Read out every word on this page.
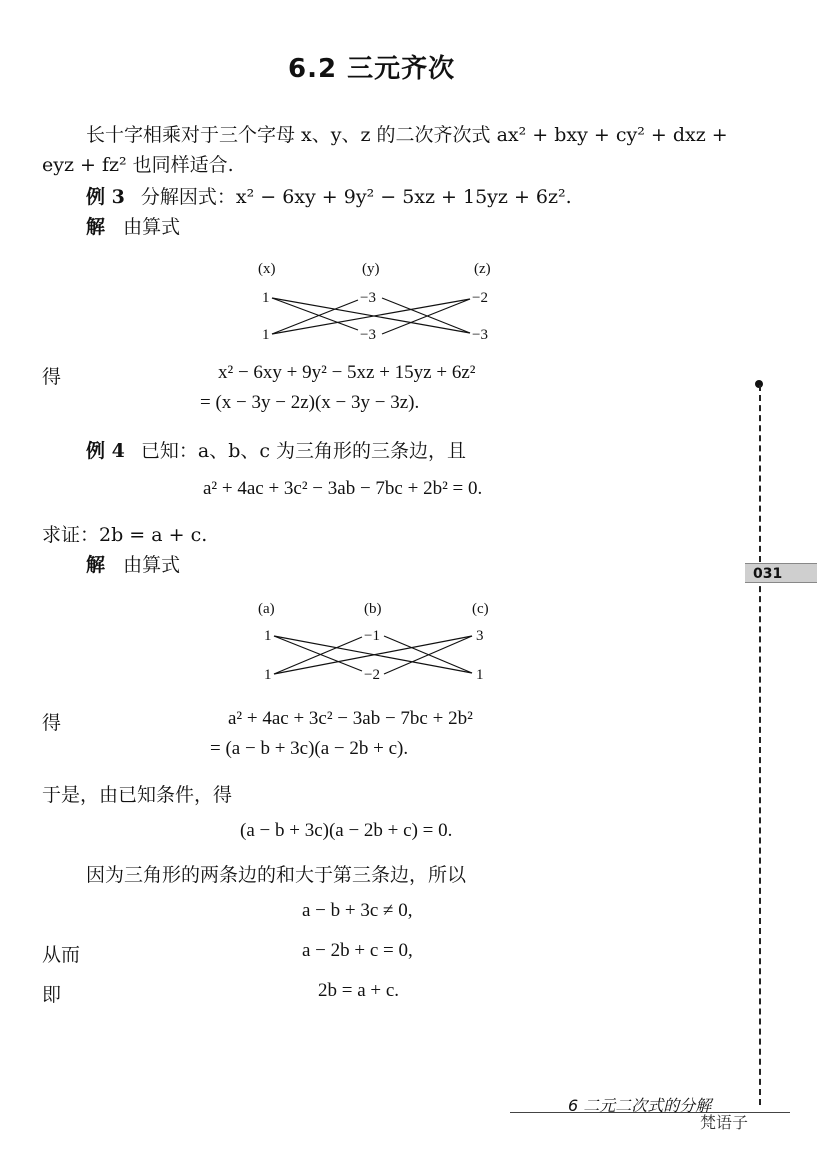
6.2 三元齐次
长十字相乘对于三个字母 x、y、z 的二次齐次式 ax² + bxy + cy² + dxz +
eyz + fz² 也同样适合.
例 3 分解因式：x² − 6xy + 9y² − 5xz + 15yz + 6z².
解 由算式
(x)	(y)	(z)
1	−3	−2
1	−3	−3
得	x² − 6xy + 9y² − 5xz + 15yz + 6z²
= (x − 3y − 2z)(x − 3y − 3z).
例 4 已知：a、b、c 为三角形的三条边，且
a² + 4ac + 3c² − 3ab − 7bc + 2b² = 0.
求证：2b = a + c.
解 由算式
(a)	(b)	(c)
1	−1	3
1	−2	1
得	a² + 4ac + 3c² − 3ab − 7bc + 2b²
= (a − b + 3c)(a − 2b + c).
于是，由已知条件，得
(a − b + 3c)(a − 2b + c) = 0.
因为三角形的两条边的和大于第三条边，所以
a − b + 3c ≠ 0,
从而	a − 2b + c = 0,
即	2b = a + c.
031
6 二元二次式的分解
梵语子
